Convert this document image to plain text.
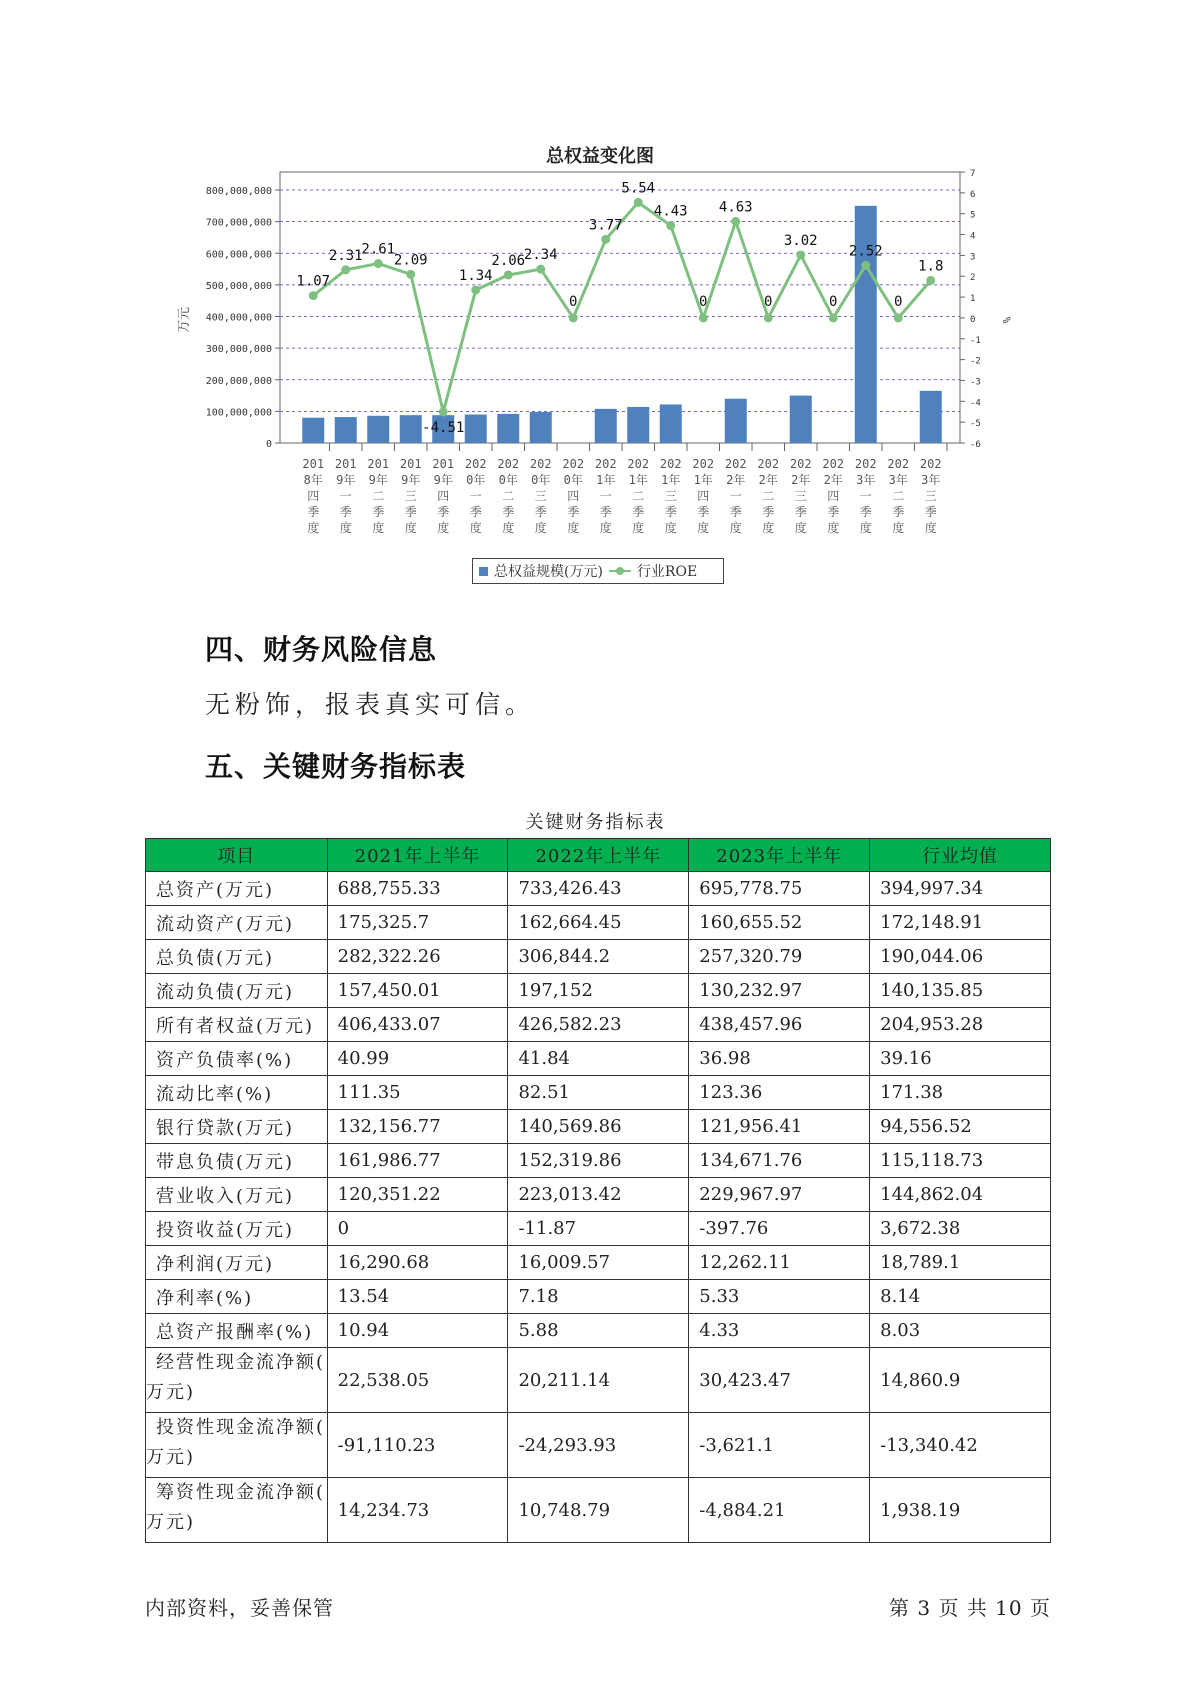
总权益变化图
0
100,000,000
200,000,000
300,000,000
400,000,000
500,000,000
600,000,000
700,000,000
800,000,000
万元
-6
-5
-4
-3
-2
-1
0
1
2
3
4
5
6
7
%
201
8年
四
季
度
201
9年
一
季
度
201
9年
二
季
度
201
9年
三
季
度
201
9年
四
季
度
202
0年
一
季
度
202
0年
二
季
度
202
0年
三
季
度
202
0年
四
季
度
202
1年
一
季
度
202
1年
二
季
度
202
1年
三
季
度
202
1年
四
季
度
202
2年
一
季
度
202
2年
二
季
度
202
2年
三
季
度
202
2年
四
季
度
202
3年
一
季
度
202
3年
二
季
度
202
3年
三
季
度
1.07
2.31
2.61
2.09
-4.51
1.34
2.06
2.34
0
3.77
5.54
4.43
0
4.63
0
3.02
0
2.52
0
1.8
总权益规模(万元) 行业ROE
四、财务风险信息
无粉饰，报表真实可信。
五、关键财务指标表
关键财务指标表
项目	2021年上半年	2022年上半年	2023年上半年	行业均值
总资产(万元)	688,755.33	733,426.43	695,778.75	394,997.34
流动资产(万元)	175,325.7	162,664.45	160,655.52	172,148.91
总负债(万元)	282,322.26	306,844.2	257,320.79	190,044.06
流动负债(万元)	157,450.01	197,152	130,232.97	140,135.85
所有者权益(万元)	406,433.07	426,582.23	438,457.96	204,953.28
资产负债率(%)	40.99	41.84	36.98	39.16
流动比率(%)	111.35	82.51	123.36	171.38
银行贷款(万元)	132,156.77	140,569.86	121,956.41	94,556.52
带息负债(万元)	161,986.77	152,319.86	134,671.76	115,118.73
营业收入(万元)	120,351.22	223,013.42	229,967.97	144,862.04
投资收益(万元)	0	-11.87	-397.76	3,672.38
净利润(万元)	16,290.68	16,009.57	12,262.11	18,789.1
净利率(%)	13.54	7.18	5.33	8.14
总资产报酬率(%)	10.94	5.88	4.33	8.03

经营性现金流净额(
万元)	22,538.05	20,211.14	30,423.47	14,860.9

投资性现金流净额(
万元)	-91,110.23	-24,293.93	-3,621.1	-13,340.42

筹资性现金流净额(
万元)	14,234.73	10,748.79	-4,884.21	1,938.19
内部资料，妥善保管	第 3 页 共 10 页
